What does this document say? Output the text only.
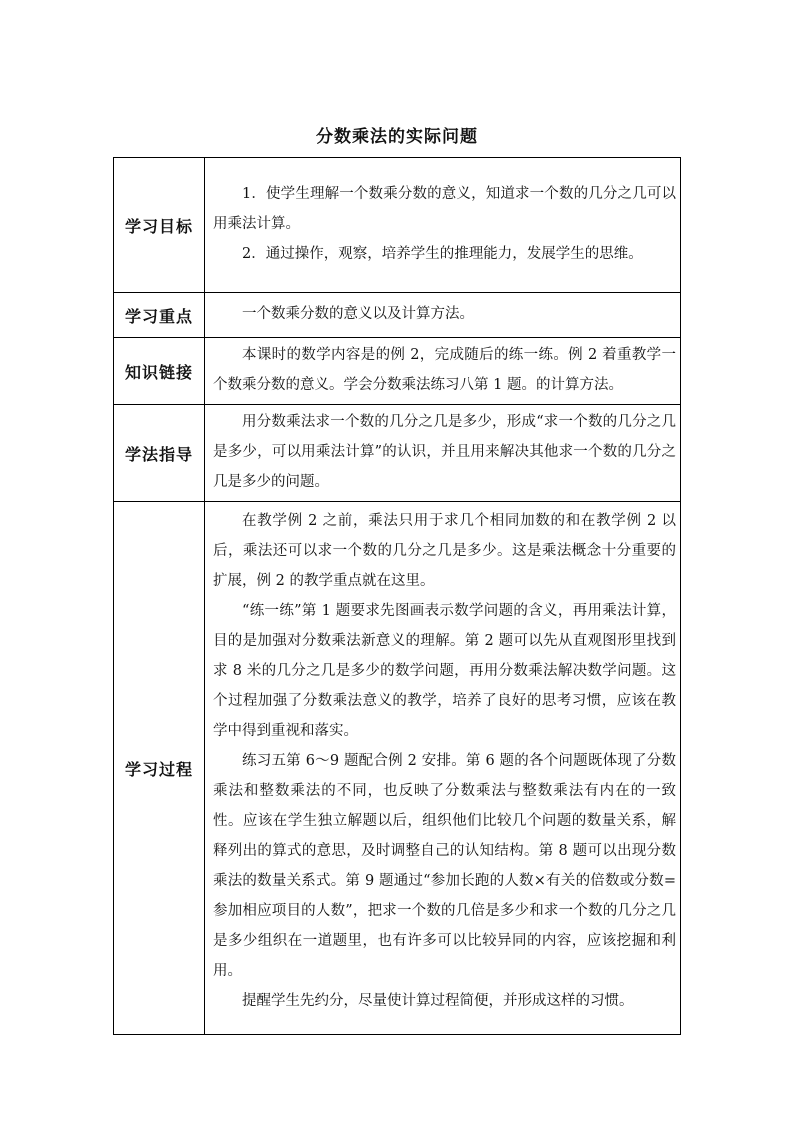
分数乘法的实际问题
学习目标	1．使学生理解一个数乘分数的意义，知道求一个数的几分之几可以用乘法计算。

2．通过操作，观察，培养学生的推理能力，发展学生的思维。

学习重点	一个数乘分数的意义以及计算方法。

知识链接	本课时的数学内容是的例 2，完成随后的练一练。例 2 着重教学一个数乘分数的意义。学会分数乘法练习八第 1 题。的计算方法。

学法指导	用分数乘法求一个数的几分之几是多少，形成“求一个数的几分之几是多少，可以用乘法计算”的认识，并且用来解决其他求一个数的几分之几是多少的问题。

学习过程	在教学例 2 之前，乘法只用于求几个相同加数的和在教学例 2 以后，乘法还可以求一个数的几分之几是多少。这是乘法概念十分重要的扩展，例 2 的教学重点就在这里。

“练一练”第 1 题要求先图画表示数学问题的含义，再用乘法计算，目的是加强对分数乘法新意义的理解。第 2 题可以先从直观图形里找到求 8 米的几分之几是多少的数学问题，再用分数乘法解决数学问题。这个过程加强了分数乘法意义的教学，培养了良好的思考习惯，应该在教学中得到重视和落实。

练习五第 6～9 题配合例 2 安排。第 6 题的各个问题既体现了分数乘法和整数乘法的不同，也反映了分数乘法与整数乘法有内在的一致性。应该在学生独立解题以后，组织他们比较几个问题的数量关系，解释列出的算式的意思，及时调整自己的认知结构。第 8 题可以出现分数乘法的数量关系式。第 9 题通过“参加长跑的人数×有关的倍数或分数=参加相应项目的人数”，把求一个数的几倍是多少和求一个数的几分之几是多少组织在一道题里，也有许多可以比较异同的内容，应该挖掘和利用。

提醒学生先约分，尽量使计算过程简便，并形成这样的习惯。
